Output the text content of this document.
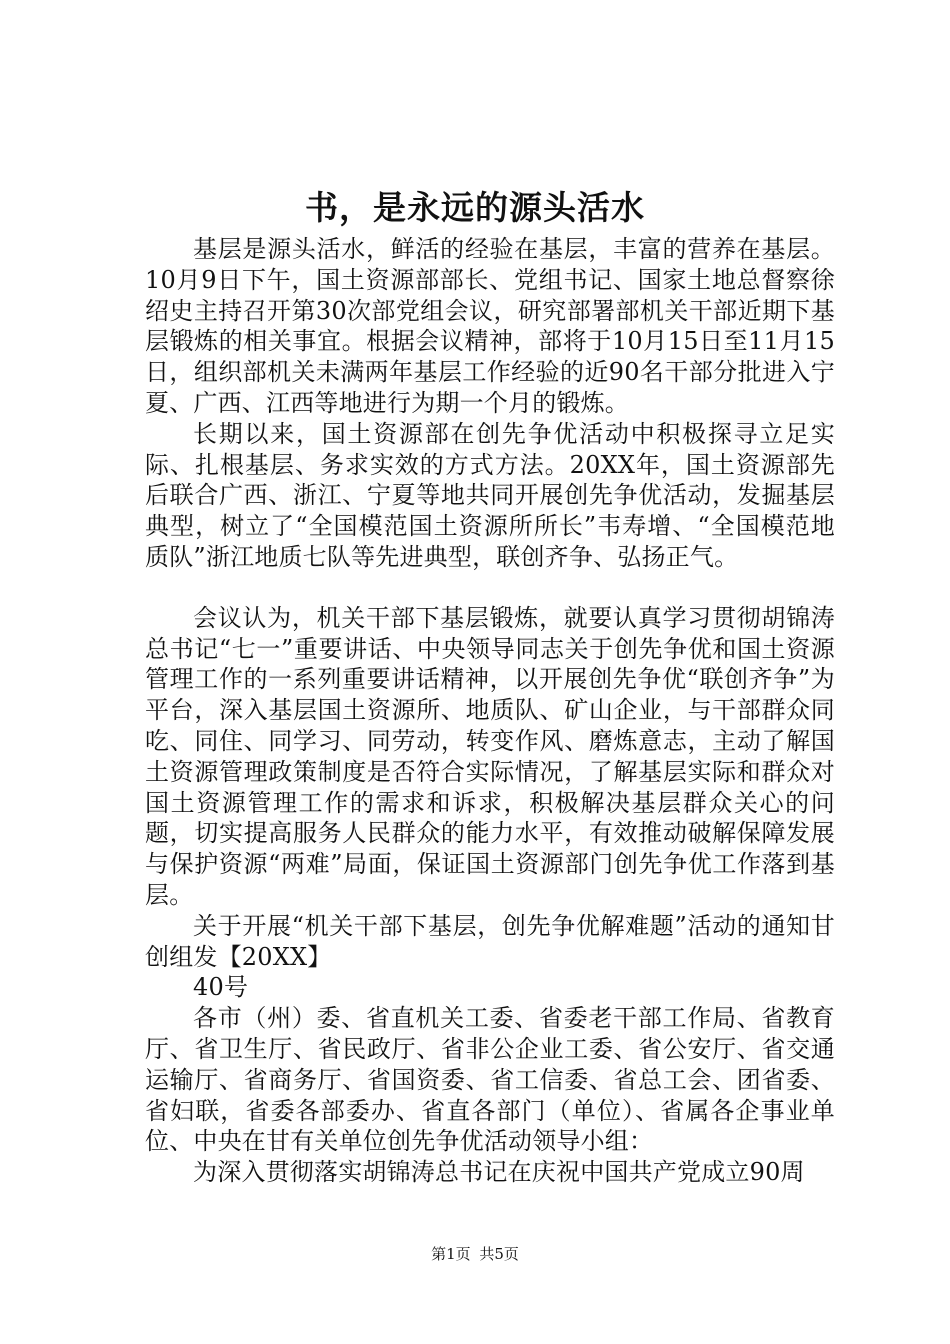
书，是永远的源头活水

基层是源头活水，鲜活的经验在基层，丰富的营养在基层。10月9日下午，国土资源部部长、党组书记、国家土地总督察徐绍史主持召开第30次部党组会议，研究部署部机关干部近期下基层锻炼的相关事宜。根据会议精神，部将于10月15日至11月15日，组织部机关未满两年基层工作经验的近90名干部分批进入宁夏、广西、江西等地进行为期一个月的锻炼。

长期以来，国土资源部在创先争优活动中积极探寻立足实际、扎根基层、务求实效的方式方法。20XX年，国土资源部先后联合广西、浙江、宁夏等地共同开展创先争优活动，发掘基层典型，树立了“全国模范国土资源所所长”韦寿增、“全国模范地质队”浙江地质七队等先进典型，联创齐争、弘扬正气。

会议认为，机关干部下基层锻炼，就要认真学习贯彻胡锦涛总书记“七一”重要讲话、中央领导同志关于创先争优和国土资源管理工作的一系列重要讲话精神，以开展创先争优“联创齐争”为平台，深入基层国土资源所、地质队、矿山企业，与干部群众同吃、同住、同学习、同劳动，转变作风、磨炼意志，主动了解国土资源管理政策制度是否符合实际情况，了解基层实际和群众对国土资源管理工作的需求和诉求，积极解决基层群众关心的问题，切实提高服务人民群众的能力水平，有效推动破解保障发展与保护资源“两难”局面，保证国土资源部门创先争优工作落到基层。

关于开展“机关干部下基层，创先争优解难题”活动的通知甘创组发【20XX】

40号

各市（州）委、省直机关工委、省委老干部工作局、省教育厅、省卫生厅、省民政厅、省非公企业工委、省公安厅、省交通运输厅、省商务厅、省国资委、省工信委、省总工会、团省委、省妇联，省委各部委办、省直各部门（单位）、省属各企事业单位、中央在甘有关单位创先争优活动领导小组：

为深入贯彻落实胡锦涛总书记在庆祝中国共产党成立90周

第1页 共5页
